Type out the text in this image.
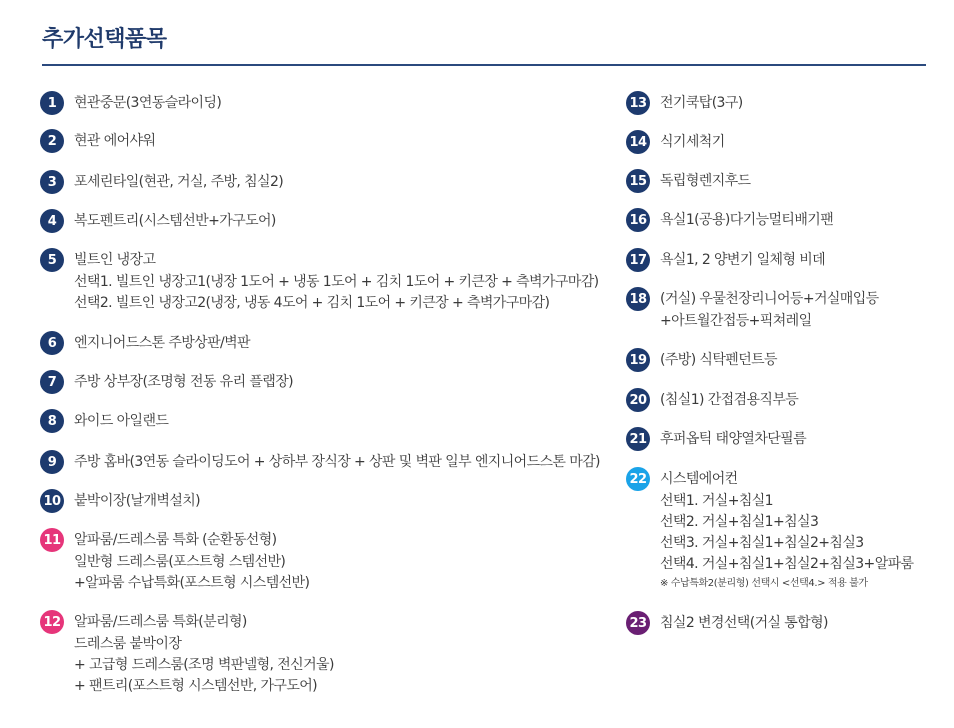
추가선택품목
1	현관중문(3연동슬라이딩)
2	현관 에어샤워
3	포세린타일(현관, 거실, 주방, 침실2)
4	복도펜트리(시스템선반+가구도어)
5	빌트인 냉장고
선택1. 빌트인 냉장고1(냉장 1도어 + 냉동 1도어 + 김치 1도어 + 키큰장 + 측벽가구마감)
선택2. 빌트인 냉장고2(냉장, 냉동 4도어 + 김치 1도어 + 키큰장 + 측벽가구마감)
6	엔지니어드스톤 주방상판/벽판
7	주방 상부장(조명형 전동 유리 플랩장)
8	와이드 아일랜드
9	주방 홈바(3연동 슬라이딩도어 + 상하부 장식장 + 상판 및 벽판 일부 엔지니어드스톤 마감)
10 붙박이장(날개벽설치)
11 알파룸/드레스룸 특화 (순환동선형)
일반형 드레스룸(포스트형 스템선반)
+알파룸 수납특화(포스트형 시스템선반)
12 알파룸/드레스룸 특화(분리형)
드레스룸 붙박이장
+ 고급형 드레스룸(조명 벽판넬형, 전신거울)
+ 팬트리(포스트형 시스템선반, 가구도어)
13 전기쿡탑(3구)
14 식기세척기
15 독립형렌지후드
16 욕실1(공용)다기능멀티배기팬
17 욕실1, 2 양변기 일체형 비데
18 (거실) 우물천장리니어등+거실매입등
+아트월간접등+픽쳐레일
19 (주방) 식탁펜던트등
20 (침실1) 간접겸용직부등
21 후퍼옵틱 태양열차단필름
22 시스템에어컨
선택1. 거실+침실1
선택2. 거실+침실1+침실3
선택3. 거실+침실1+침실2+침실3
선택4. 거실+침실1+침실2+침실3+알파룸
※ 수납특화2(분리형) 선택시 <선택4.> 적용 불가
23 침실2 변경선택(거실 통합형)
